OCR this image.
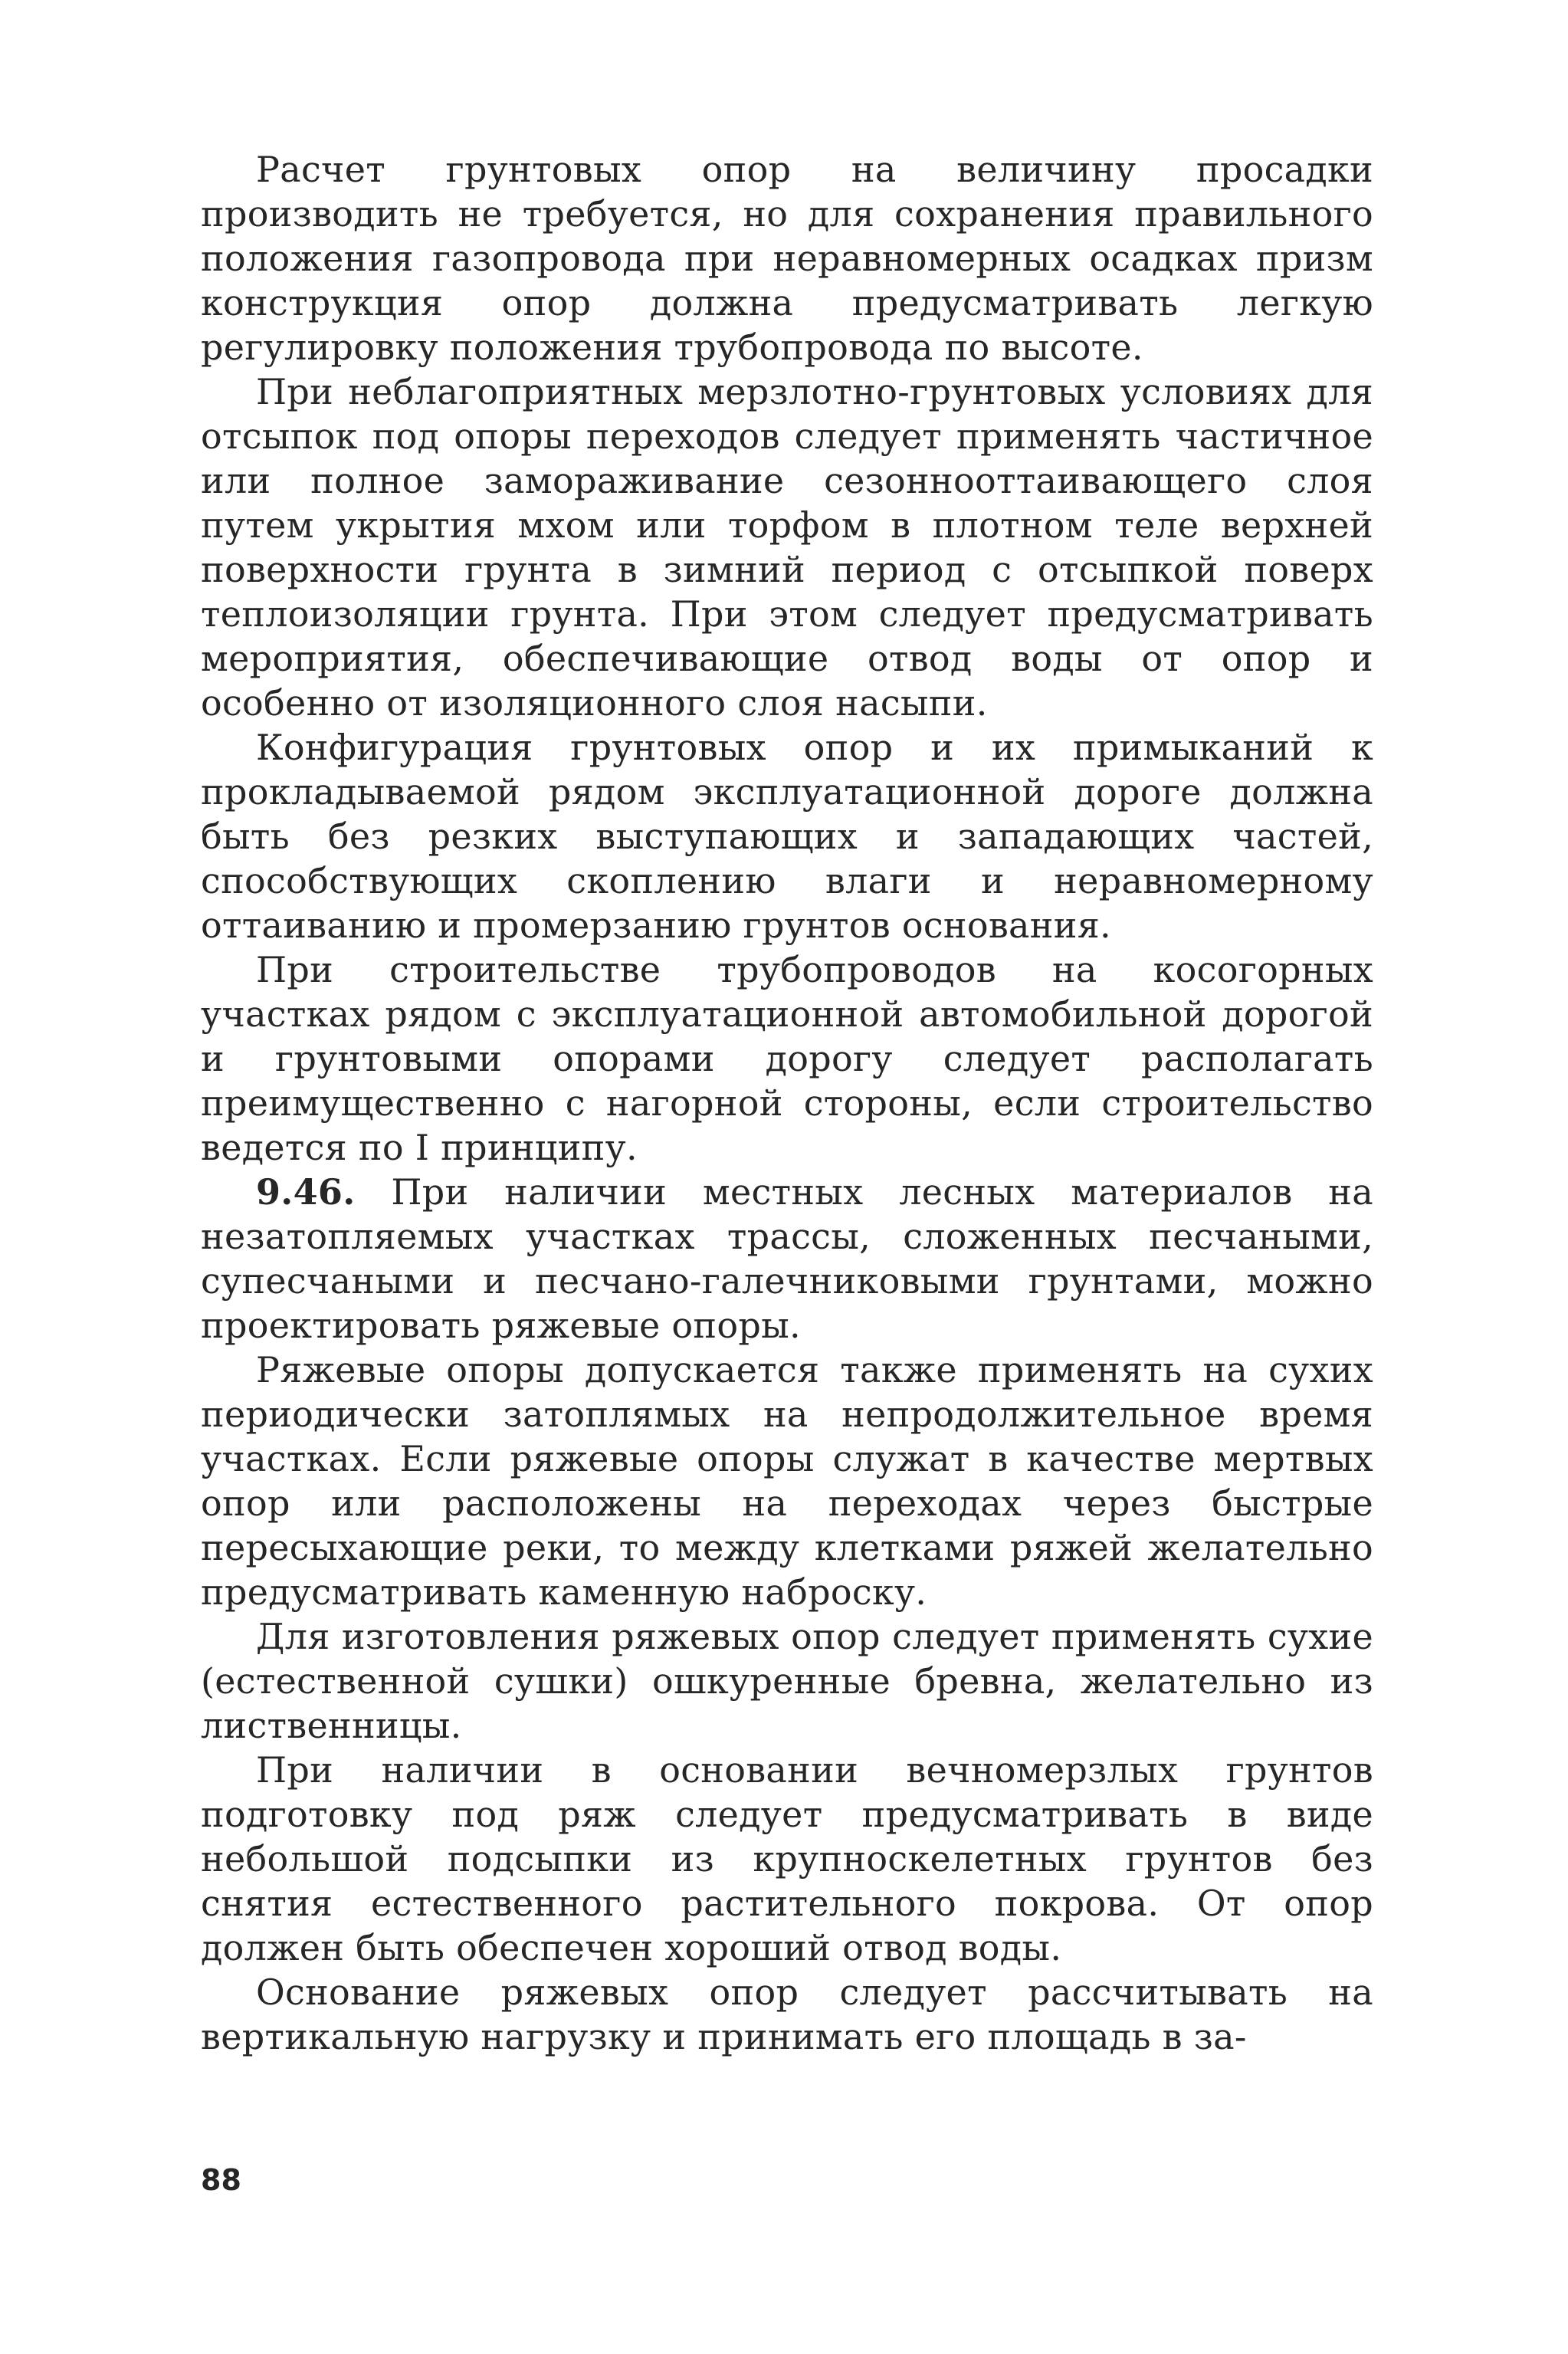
Расчет грунтовых опор на величину просадки производить не требуется, но для сохранения правильного положения газопровода при неравномерных осадках призм конструкция опор должна предусматривать легкую регулировку положения трубопровода по высоте.

При неблагоприятных мерзлотно-грунтовых условиях для отсыпок под опоры переходов следует применять частичное или полное замораживание сезоннооттаивающего слоя путем укрытия мхом или торфом в плотном теле верхней поверхности грунта в зимний период с отсыпкой поверх теплоизоляции грунта. При этом следует предусматривать мероприятия, обеспечивающие отвод воды от опор и особенно от изоляционного слоя насыпи.

Конфигурация грунтовых опор и их примыканий к прокладываемой рядом эксплуатационной дороге должна быть без резких выступающих и западающих частей, способствующих скоплению влаги и неравномерному оттаиванию и промерзанию грунтов основания.

При строительстве трубопроводов на косогорных участках рядом с эксплуатационной автомобильной дорогой и грунтовыми опорами дорогу следует располагать преимущественно с нагорной стороны, если строительство ведется по I принципу.

9.46. При наличии местных лесных материалов на незатопляемых участках трассы, сложенных песчаными, супесчаными и песчано-галечниковыми грунтами, можно проектировать ряжевые опоры.

Ряжевые опоры допускается также применять на сухих периодически затоплямых на непродолжительное время участках. Если ряжевые опоры служат в качестве мертвых опор или расположены на переходах через быстрые пересыхающие реки, то между клетками ряжей желательно предусматривать каменную наброску.

Для изготовления ряжевых опор следует применять сухие (естественной сушки) ошкуренные бревна, желательно из лиственницы.

При наличии в основании вечномерзлых грунтов подготовку под ряж следует предусматривать в виде небольшой подсыпки из крупноскелетных грунтов без снятия естественного растительного покрова. От опор должен быть обеспечен хороший отвод воды.

Основание ряжевых опор следует рассчитывать на вертикальную нагрузку и принимать его площадь в за-

88
